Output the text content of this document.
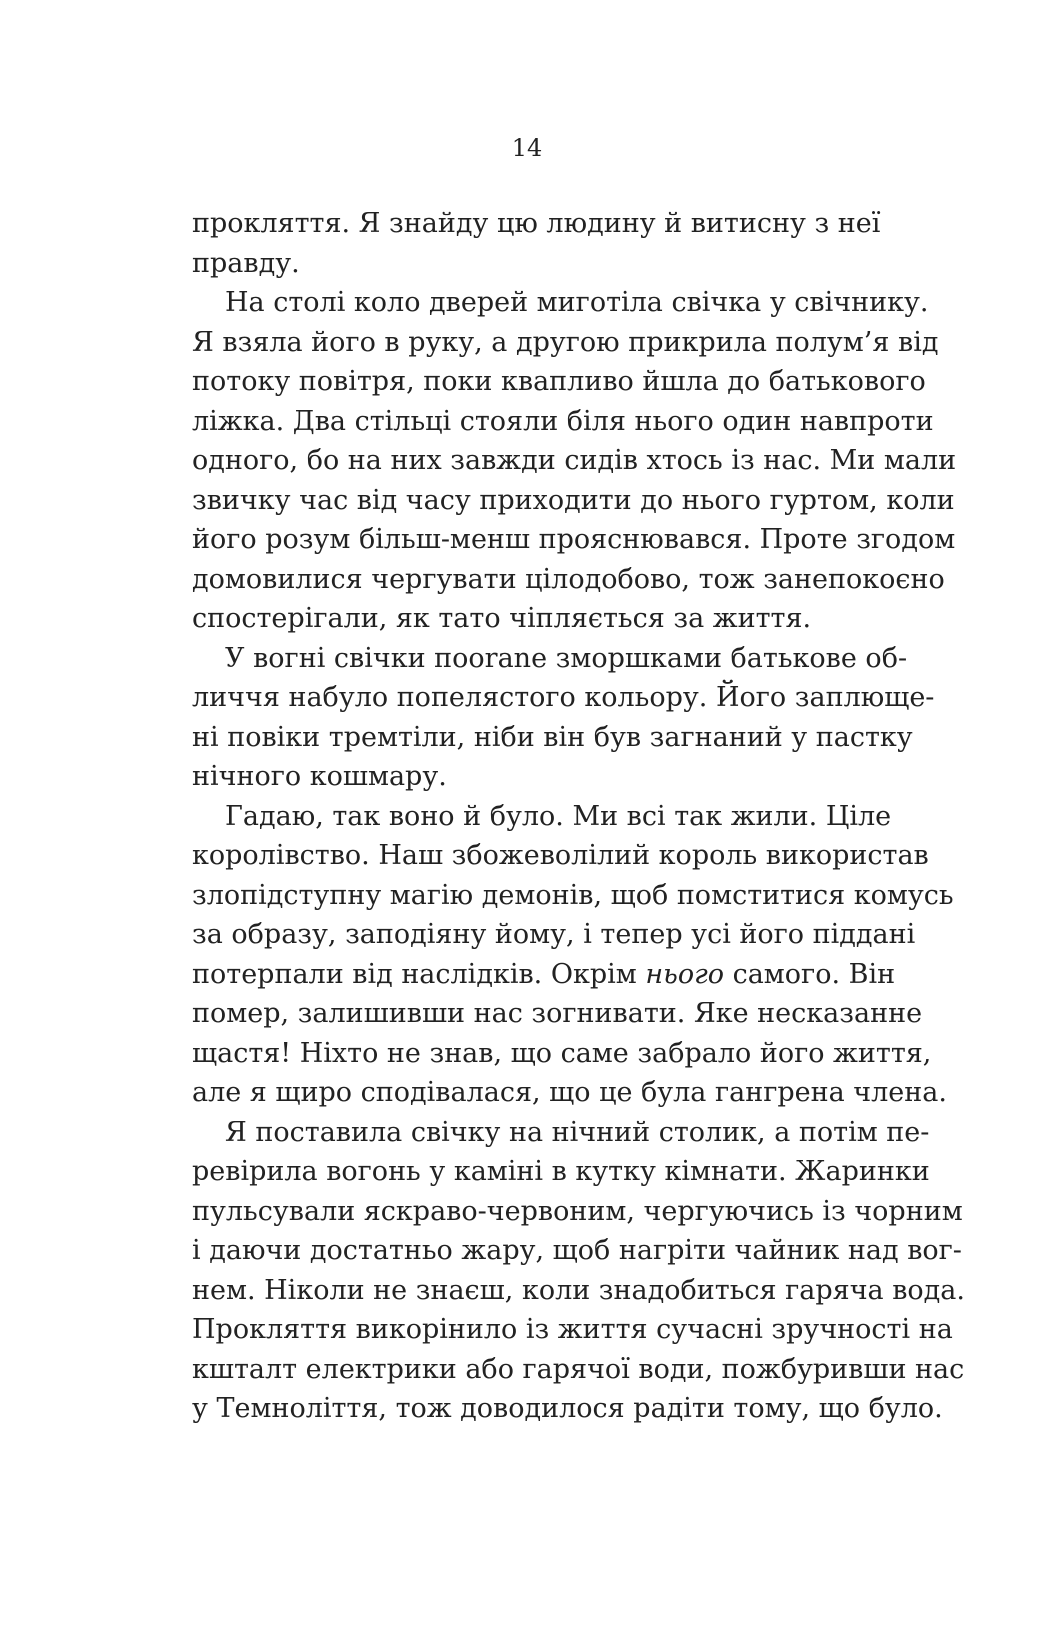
14

прокляття. Я знайду цю людину й витисну з неї
правду.

На столі коло дверей миготіла свічка у свічнику.
Я взяла його в руку, а другою прикрила полум’я від
потоку повітря, поки квапливо йшла до батькового
ліжка. Два стільці стояли біля нього один навпроти
одного, бо на них завжди сидів хтось із нас. Ми мали
звичку час від часу приходити до нього гуртом, коли
його розум більш-менш прояснювався. Проте згодом
домовилися чергувати цілодобово, тож занепокоєно
спостерігали, як тато чіпляється за життя.

У вогні свічки поorane зморшками батькове об-
личчя набуло попелястого кольору. Його заплющe-
ні повіки тремтіли, ніби він був загнаний у пастку
нічного кошмару.

Гадаю, так воно й було. Ми всі так жили. Ціле
королівство. Наш збожеволілий король використав
злопідступну магію демонів, щоб помститися комусь
за образу, заподіяну йому, і тепер усі його піддані
потерпали від наслідків. Окрім нього самого. Він
помер, залишивши нас зогнивати. Яке несказанне
щастя! Ніхто не знав, що саме забрало його життя,
але я щиро сподівалася, що це була гангрена члена.

Я поставила свічку на нічний столик, а потім пе-
ревірила вогонь у каміні в кутку кімнати. Жаринки
пульсували яскраво-червоним, чергуючись із чорним
і даючи достатньо жару, щоб нагріти чайник над вог-
нем. Ніколи не знаєш, коли знадобиться гаряча вода.
Прокляття викорінило із життя сучасні зручності на
кшталт електрики або гарячої води, пожбуривши нас
у Темноліття, тож доводилося радіти тому, що було.
